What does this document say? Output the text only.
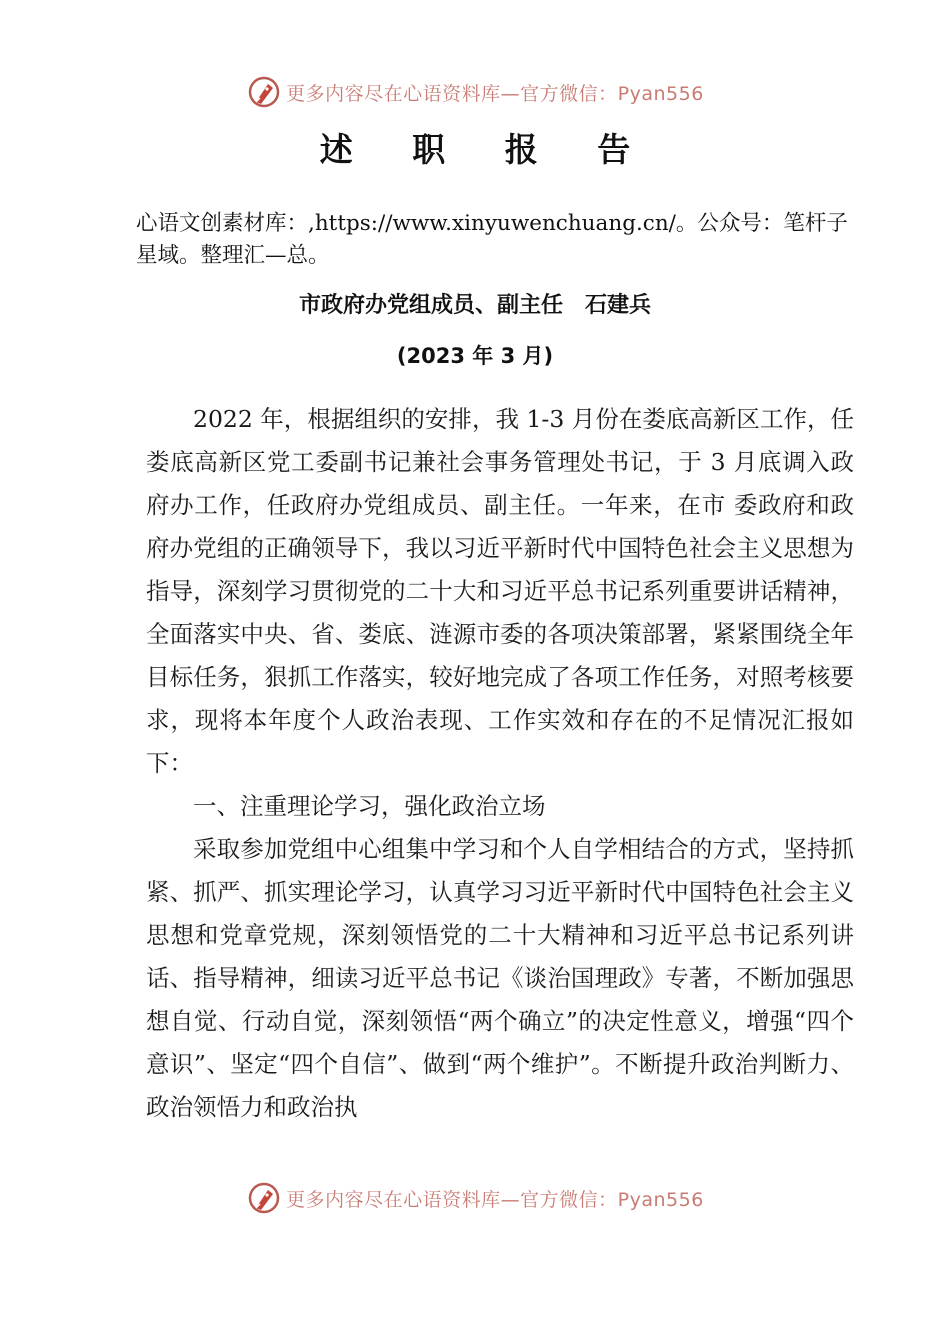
更多内容尽在心语资料库—官方微信：Pyan556
述 职 报 告

心语文创素材库：,https://www.xinyuwenchuang.cn/。公众号：笔杆子星域。整理汇—总。

市政府办党组成员、副主任　石建兵
(2023 年 3 月)

2022 年，根据组织的安排，我 1-3 月份在娄底高新区工作，任娄底高新区党工委副书记兼社会事务管理处书记，于 3 月底调入政府办工作，任政府办党组成员、副主任。一年来，在市 委政府和政府办党组的正确领导下，我以习近平新时代中国特色社会主义思想为指导，深刻学习贯彻党的二十大和习近平总书记系列重要讲话精神，全面落实中央、省、娄底、涟源市委的各项决策部署，紧紧围绕全年目标任务，狠抓工作落实，较好地完成了各项工作任务，对照考核要求，现将本年度个人政治表现、工作实效和存在的不足情况汇报如下：

一、注重理论学习，强化政治立场

采取参加党组中心组集中学习和个人自学相结合的方式，坚持抓紧、抓严、抓实理论学习，认真学习习近平新时代中国特色社会主义思想和党章党规，深刻领悟党的二十大精神和习近平总书记系列讲话、指导精神，细读习近平总书记《谈治国理政》专著，不断加强思想自觉、行动自觉，深刻领悟“两个确立”的决定性意义，增强“四个意识”、坚定“四个自信”、做到“两个维护”。不断提升政治判断力、政治领悟力和政治执

更多内容尽在心语资料库—官方微信：Pyan556
